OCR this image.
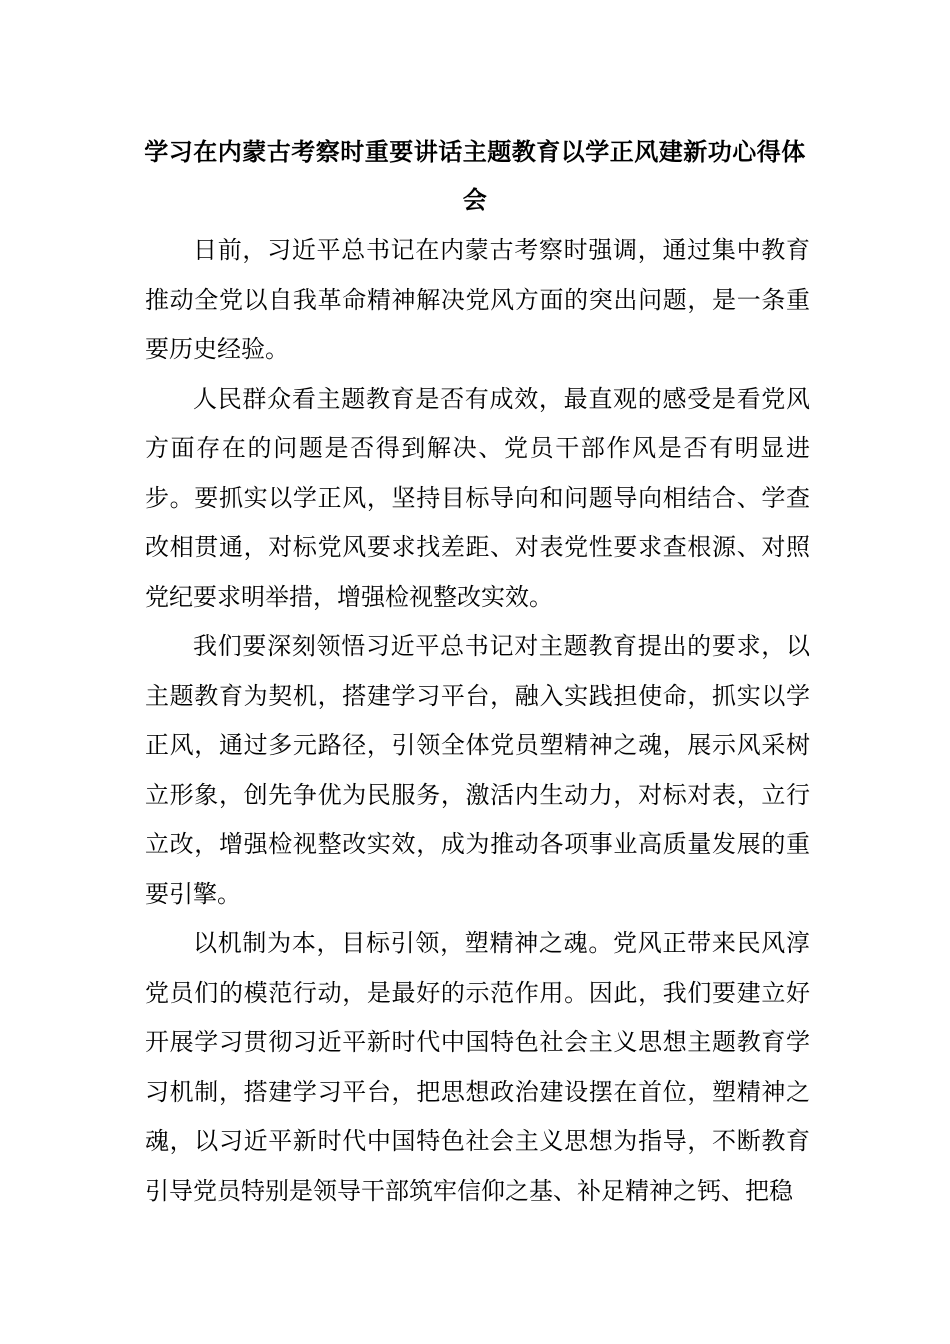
学习在内蒙古考察时重要讲话主题教育以学正风建新功心得体会

日前，习近平总书记在内蒙古考察时强调，通过集中教育推动全党以自我革命精神解决党风方面的突出问题，是一条重要历史经验。

人民群众看主题教育是否有成效，最直观的感受是看党风方面存在的问题是否得到解决、党员干部作风是否有明显进步。要抓实以学正风，坚持目标导向和问题导向相结合、学查改相贯通，对标党风要求找差距、对表党性要求查根源、对照党纪要求明举措，增强检视整改实效。

我们要深刻领悟习近平总书记对主题教育提出的要求，以主题教育为契机，搭建学习平台，融入实践担使命，抓实以学正风，通过多元路径，引领全体党员塑精神之魂，展示风采树立形象，创先争优为民服务，激活内生动力，对标对表，立行立改，增强检视整改实效，成为推动各项事业高质量发展的重要引擎。

以机制为本，目标引领，塑精神之魂。党风正带来民风淳党员们的模范行动，是最好的示范作用。因此，我们要建立好开展学习贯彻习近平新时代中国特色社会主义思想主题教育学习机制，搭建学习平台，把思想政治建设摆在首位，塑精神之魂，以习近平新时代中国特色社会主义思想为指导，不断教育引导党员特别是领导干部筑牢信仰之基、补足精神之钙、把稳
